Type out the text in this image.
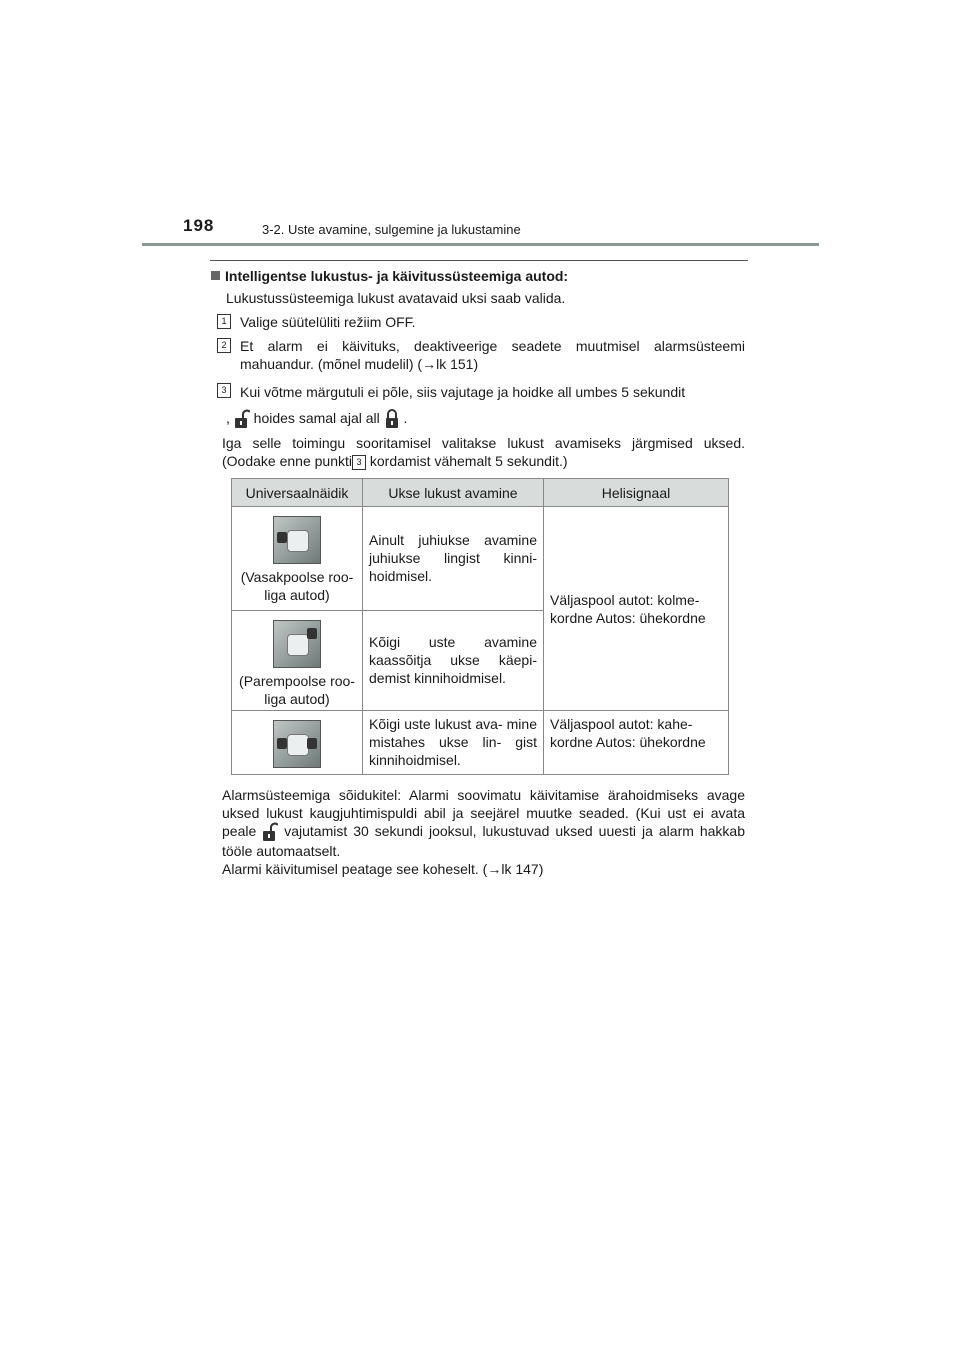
198	3-2. Uste avamine, sulgemine ja lukustamine
Intelligentse lukustus- ja käivitussüsteemiga autod:
Lukustussüsteemiga lukust avatavaid uksi saab valida.
1 Valige süütelüliti režiim OFF.
2 Et alarm ei käivituks, deaktiveerige seadete muutmisel alarmsüsteemi mahuandur. (mõnel mudelil) (→lk 151)
3 Kui võtme märgutuli ei põle, siis vajutage ja hoidke all umbes 5 sekundit
, hoides samal ajal all .
Iga selle toimingu sooritamisel valitakse lukust avamiseks järgmised uksed. (Oodake enne punkti 3 kordamist vähemalt 5 sekundit.)
Universaalnäidik	Ukse lukust avamine	Helisignaal

(Vasakpoolse roo- liga autod)	Ainult juhiukse avamine juhiukse lingist kinni- hoidmisel.	Väljaspool autot: kolme- kordne Autos: ühekordne

(Parempoolse roo- liga autod)	Kõigi uste avamine kaassõitja ukse käepi- demist kinnihoidmisel.	

	Kõigi uste lukust ava- mine mistahes ukse lin- gist kinnihoidmisel.	Väljaspool autot: kahe- kordne Autos: ühekordne
Alarmsüsteemiga sõidukitel: Alarmi soovimatu käivitamise ärahoidmiseks avage uksed lukust kaugjuhtimispuldi abil ja seejärel muutke seaded. (Kui ust ei avata peale vajutamist 30 sekundi jooksul, lukustuvad uksed uuesti ja alarm hakkab tööle automaatselt.
Alarmi käivitumisel peatage see koheselt. (→lk 147)
